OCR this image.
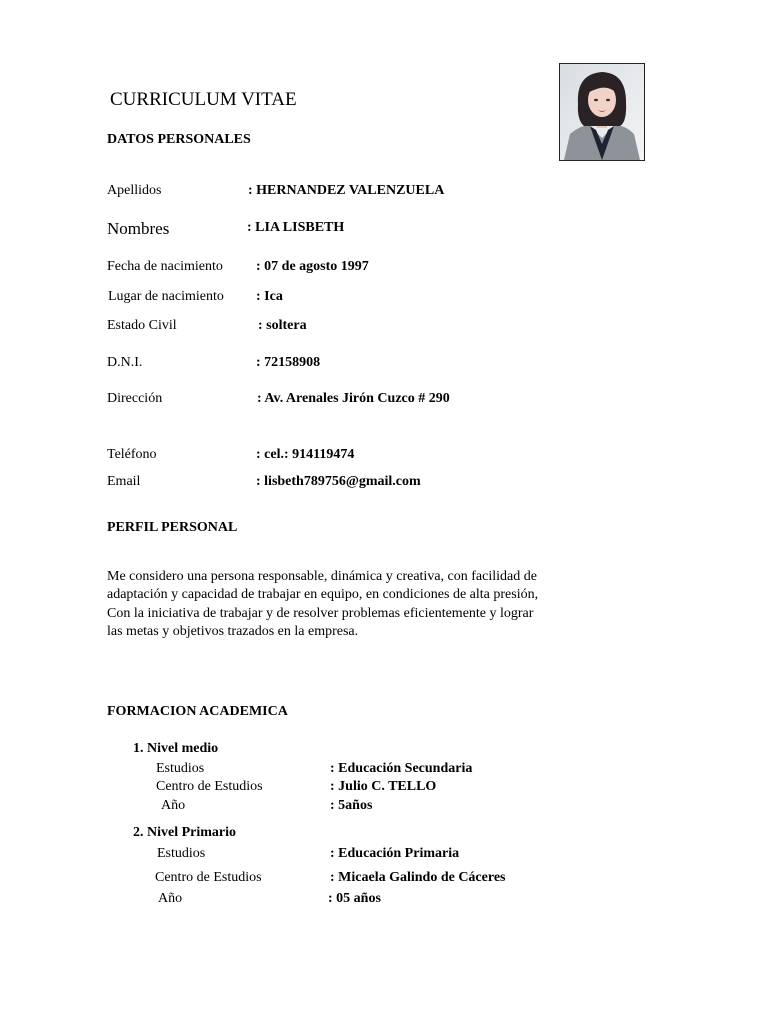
CURRICULUM VITAE
DATOS PERSONALES
Apellidos	: HERNANDEZ VALENZUELA
Nombres	: LIA LISBETH
Fecha de nacimiento : 07 de agosto 1997
Lugar de nacimiento : Ica
Estado Civil	: soltera
D.N.I.	: 72158908
Dirección	: Av. Arenales Jirón Cuzco # 290
Teléfono	: cel.: 914119474
Email	: lisbeth789756@gmail.com
PERFIL PERSONAL
Me considero una persona responsable, dinámica y creativa, con facilidad de
adaptación y capacidad de trabajar en equipo, en condiciones de alta presión,
Con la iniciativa de trabajar y de resolver problemas eficientemente y lograr
las metas y objetivos trazados en la empresa.
FORMACION ACADEMICA
1. Nivel medio
Estudios	: Educación Secundaria
Centro de Estudios	: Julio C. TELLO
Año	: 5años
2. Nivel Primario
Estudios	: Educación Primaria
Centro de Estudios	: Micaela Galindo de Cáceres
Año	: 05 años
